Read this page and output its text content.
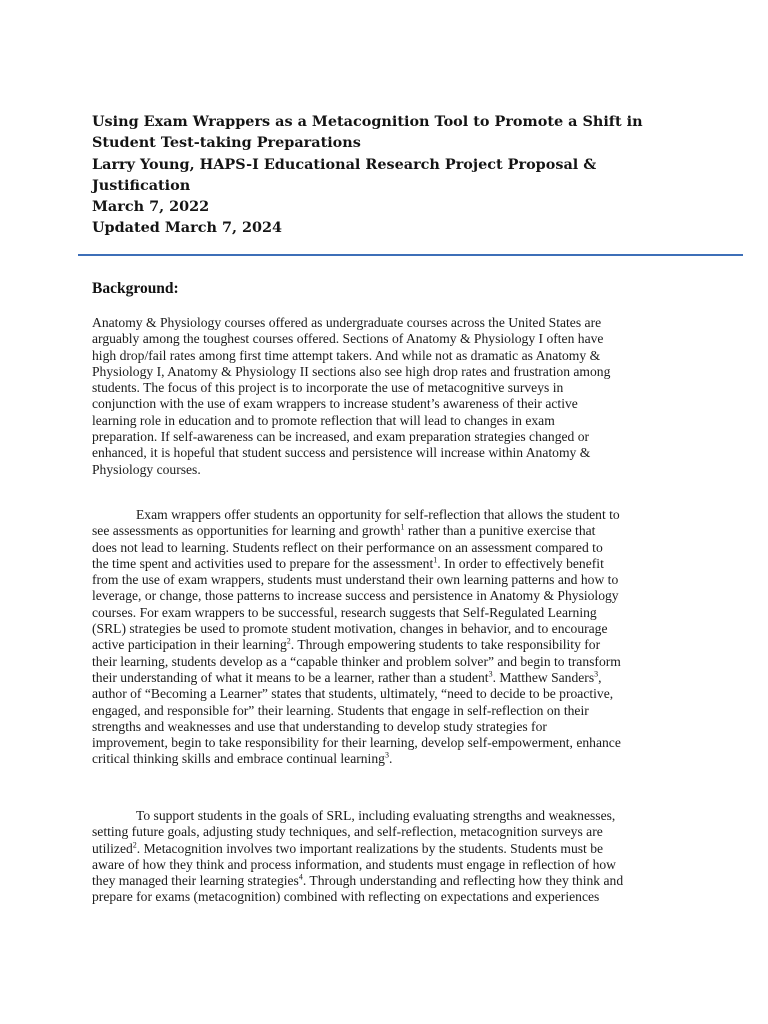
Using Exam Wrappers as a Metacognition Tool to Promote a Shift in
Student Test-taking Preparations
Larry Young, HAPS-I Educational Research Project Proposal &
Justification
March 7, 2022
Updated March 7, 2024
Background:
Anatomy & Physiology courses offered as undergraduate courses across the United States are
arguably among the toughest courses offered. Sections of Anatomy & Physiology I often have
high drop/fail rates among first time attempt takers. And while not as dramatic as Anatomy &
Physiology I, Anatomy & Physiology II sections also see high drop rates and frustration among
students. The focus of this project is to incorporate the use of metacognitive surveys in
conjunction with the use of exam wrappers to increase student’s awareness of their active
learning role in education and to promote reflection that will lead to changes in exam
preparation. If self-awareness can be increased, and exam preparation strategies changed or
enhanced, it is hopeful that student success and persistence will increase within Anatomy &
Physiology courses.
Exam wrappers offer students an opportunity for self-reflection that allows the student to
see assessments as opportunities for learning and growth$^1$ rather than a punitive exercise that
does not lead to learning. Students reflect on their performance on an assessment compared to
the time spent and activities used to prepare for the assessment$^1$. In order to effectively benefit
from the use of exam wrappers, students must understand their own learning patterns and how to
leverage, or change, those patterns to increase success and persistence in Anatomy & Physiology
courses. For exam wrappers to be successful, research suggests that Self-Regulated Learning
(SRL) strategies be used to promote student motivation, changes in behavior, and to encourage
active participation in their learning$^2$. Through empowering students to take responsibility for
their learning, students develop as a “capable thinker and problem solver” and begin to transform
their understanding of what it means to be a learner, rather than a student$^3$. Matthew Sanders$^3$,
author of “Becoming a Learner” states that students, ultimately, “need to decide to be proactive,
engaged, and responsible for” their learning. Students that engage in self-reflection on their
strengths and weaknesses and use that understanding to develop study strategies for
improvement, begin to take responsibility for their learning, develop self-empowerment, enhance
critical thinking skills and embrace continual learning$^3$.
To support students in the goals of SRL, including evaluating strengths and weaknesses,
setting future goals, adjusting study techniques, and self-reflection, metacognition surveys are
utilized$^2$. Metacognition involves two important realizations by the students. Students must be
aware of how they think and process information, and students must engage in reflection of how
they managed their learning strategies$^4$. Through understanding and reflecting how they think and
prepare for exams (metacognition) combined with reflecting on expectations and experiences
